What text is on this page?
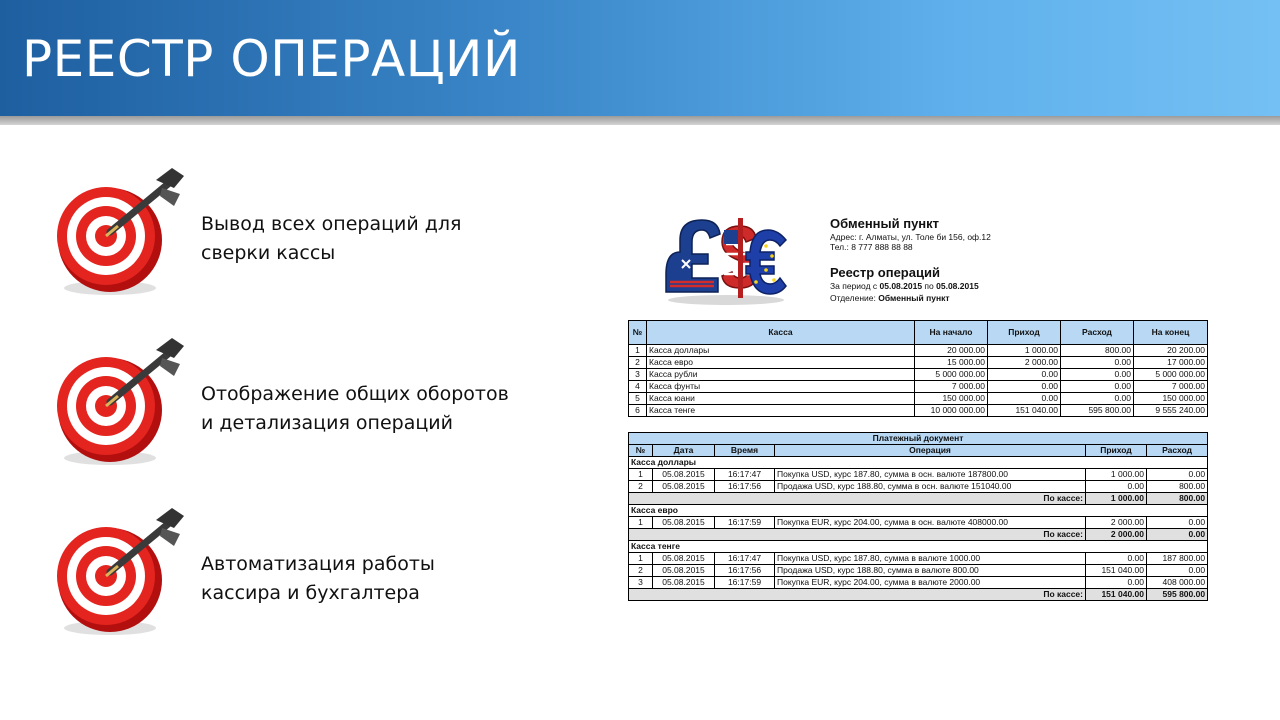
РЕЕСТР ОПЕРАЦИЙ
Вывод всех операций для
сверки кассы
Отображение общих оборотов
и детализация операций
Автоматизация работы
кассира и бухгалтера
Обменный пункт
Адрес: г. Алматы, ул. Толе би 156, оф.12
Тел.: 8 777 888 88 88
Реестр операций
За период с 05.08.2015 по 05.08.2015
Отделение: Обменный пункт
№	Касса	На начало	Приход	Расход	На конец
1	Касса доллары	20 000.00	1 000.00	800.00	20 200.00
2	Касса евро	15 000.00	2 000.00	0.00	17 000.00
3	Касса рубли	5 000 000.00	0.00	0.00	5 000 000.00
4	Касса фунты	7 000.00	0.00	0.00	7 000.00
5	Касса юани	150 000.00	0.00	0.00	150 000.00
6	Касса тенге	10 000 000.00	151 040.00	595 800.00	9 555 240.00
Платежный документ					
№	Дата	Время	Операция	Приход	Расход
Касса доллары					
1	05.08.2015	16:17:47	Покупка USD, курс 187.80, сумма в осн. валюте 187800.00	1 000.00	0.00
2	05.08.2015	16:17:56	Продажа USD, курс 188.80, сумма в осн. валюте 151040.00	0.00	800.00
По кассе:				1 000.00	800.00
Касса евро					
1	05.08.2015	16:17:59	Покупка EUR, курс 204.00, сумма в осн. валюте 408000.00	2 000.00	0.00
По кассе:				2 000.00	0.00
Касса тенге					
1	05.08.2015	16:17:47	Покупка USD, курс 187.80, сумма в валюте 1000.00	0.00	187 800.00
2	05.08.2015	16:17:56	Продажа USD, курс 188.80, сумма в валюте 800.00	151 040.00	0.00
3	05.08.2015	16:17:59	Покупка EUR, курс 204.00, сумма в валюте 2000.00	0.00	408 000.00
По кассе:				151 040.00	595 800.00
